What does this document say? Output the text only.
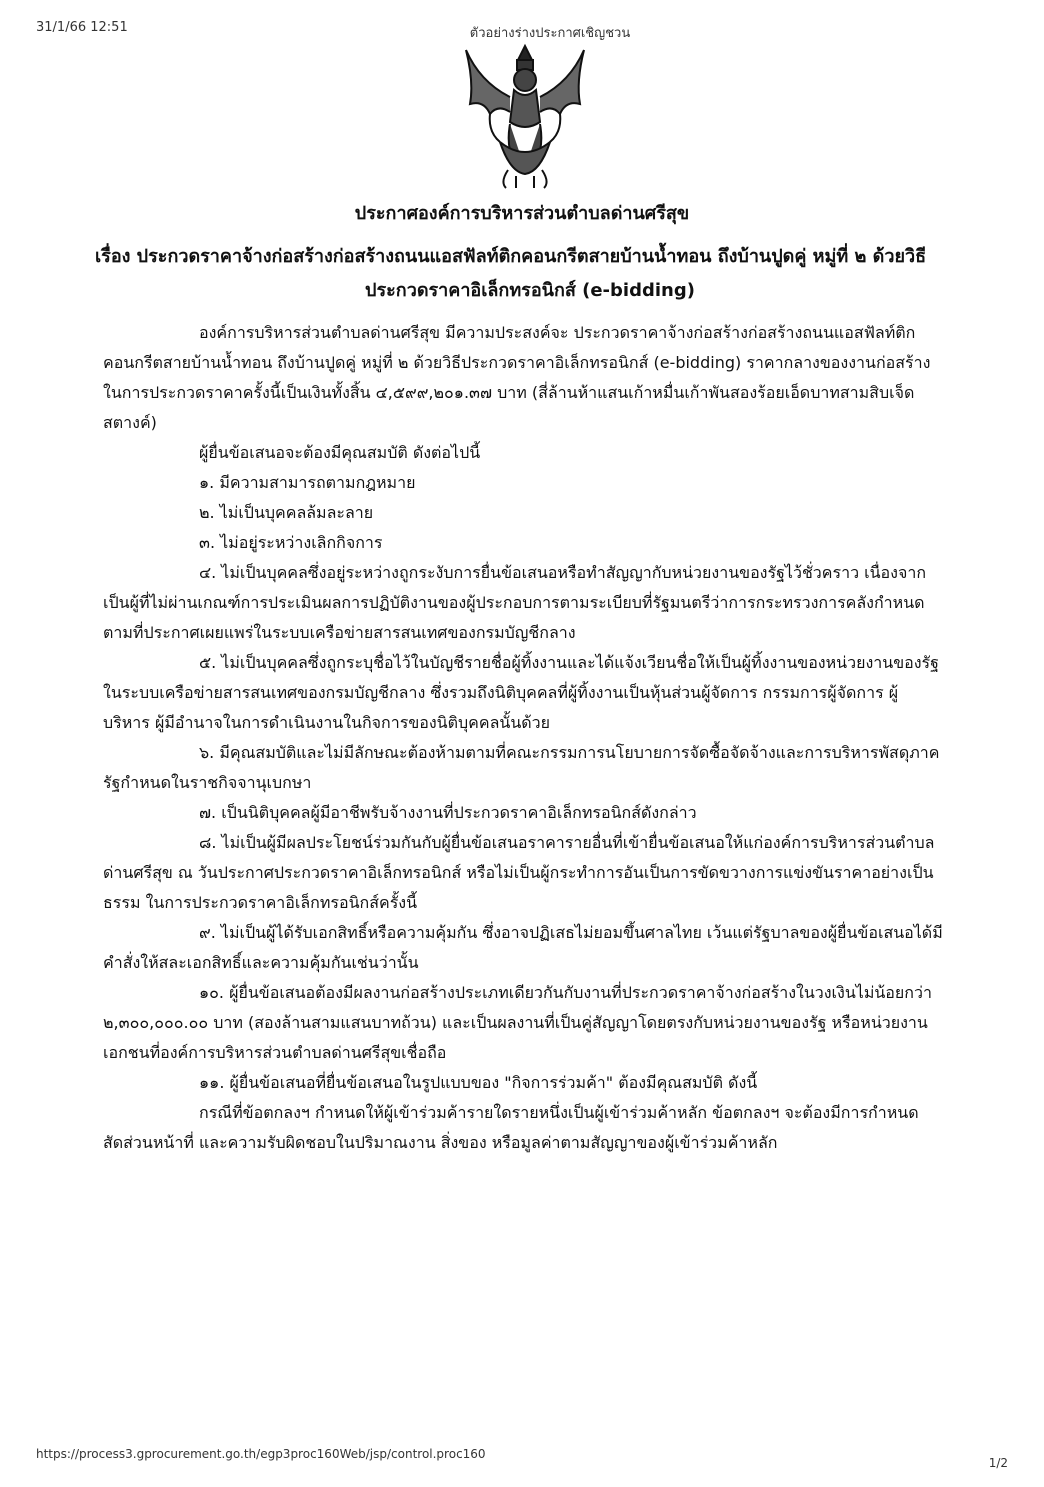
31/1/66 12:51	ตัวอย่างร่างประกาศเชิญชวน
ประกาศองค์การบริหารส่วนตำบลด่านศรีสุข
เรื่อง ประกวดราคาจ้างก่อสร้างก่อสร้างถนนแอสฟัลท์ติกคอนกรีตสายบ้านน้ำทอน ถึงบ้านปูดคู่ หมู่ที่ ๒ ด้วยวิธี
ประกวดราคาอิเล็กทรอนิกส์ (e-bidding)

องค์การบริหารส่วนตำบลด่านศรีสุข มีความประสงค์จะ ประกวดราคาจ้างก่อสร้างก่อสร้างถนนแอสฟัลท์ติกคอนกรีตสายบ้านน้ำทอน ถึงบ้านปูดคู่ หมู่ที่ ๒ ด้วยวิธีประกวดราคาอิเล็กทรอนิกส์ (e-bidding) ราคากลางของงานก่อสร้างในการประกวดราคาครั้งนี้เป็นเงินทั้งสิ้น ๔,๕๙๙,๒๐๑.๓๗ บาท (สี่ล้านห้าแสนเก้าหมื่นเก้าพันสองร้อยเอ็ดบาทสามสิบเจ็ดสตางค์)

ผู้ยื่นข้อเสนอจะต้องมีคุณสมบัติ ดังต่อไปนี้

๑. มีความสามารถตามกฎหมาย

๒. ไม่เป็นบุคคลล้มละลาย

๓. ไม่อยู่ระหว่างเลิกกิจการ

๔. ไม่เป็นบุคคลซึ่งอยู่ระหว่างถูกระงับการยื่นข้อเสนอหรือทำสัญญากับหน่วยงานของรัฐไว้ชั่วคราว เนื่องจากเป็นผู้ที่ไม่ผ่านเกณฑ์การประเมินผลการปฏิบัติงานของผู้ประกอบการตามระเบียบที่รัฐมนตรีว่าการกระทรวงการคลังกำหนดตามที่ประกาศเผยแพร่ในระบบเครือข่ายสารสนเทศของกรมบัญชีกลาง

๕. ไม่เป็นบุคคลซึ่งถูกระบุชื่อไว้ในบัญชีรายชื่อผู้ทิ้งงานและได้แจ้งเวียนชื่อให้เป็นผู้ทิ้งงานของหน่วยงานของรัฐในระบบเครือข่ายสารสนเทศของกรมบัญชีกลาง ซึ่งรวมถึงนิติบุคคลที่ผู้ทิ้งงานเป็นหุ้นส่วนผู้จัดการ กรรมการผู้จัดการ ผู้บริหาร ผู้มีอำนาจในการดำเนินงานในกิจการของนิติบุคคลนั้นด้วย

๖. มีคุณสมบัติและไม่มีลักษณะต้องห้ามตามที่คณะกรรมการนโยบายการจัดซื้อจัดจ้างและการบริหารพัสดุภาครัฐกำหนดในราชกิจจานุเบกษา

๗. เป็นนิติบุคคลผู้มีอาชีพรับจ้างงานที่ประกวดราคาอิเล็กทรอนิกส์ดังกล่าว

๘. ไม่เป็นผู้มีผลประโยชน์ร่วมกันกับผู้ยื่นข้อเสนอราคารายอื่นที่เข้ายื่นข้อเสนอให้แก่องค์การบริหารส่วนตำบลด่านศรีสุข ณ วันประกาศประกวดราคาอิเล็กทรอนิกส์ หรือไม่เป็นผู้กระทำการอันเป็นการขัดขวางการแข่งขันราคาอย่างเป็นธรรม ในการประกวดราคาอิเล็กทรอนิกส์ครั้งนี้

๙. ไม่เป็นผู้ได้รับเอกสิทธิ์หรือความคุ้มกัน ซึ่งอาจปฏิเสธไม่ยอมขึ้นศาลไทย เว้นแต่รัฐบาลของผู้ยื่นข้อเสนอได้มีคำสั่งให้สละเอกสิทธิ์และความคุ้มกันเช่นว่านั้น

๑๐. ผู้ยื่นข้อเสนอต้องมีผลงานก่อสร้างประเภทเดียวกันกับงานที่ประกวดราคาจ้างก่อสร้างในวงเงินไม่น้อยกว่า ๒,๓๐๐,๐๐๐.๐๐ บาท (สองล้านสามแสนบาทถ้วน) และเป็นผลงานที่เป็นคู่สัญญาโดยตรงกับหน่วยงานของรัฐ หรือหน่วยงานเอกชนที่องค์การบริหารส่วนตำบลด่านศรีสุขเชื่อถือ

๑๑. ผู้ยื่นข้อเสนอที่ยื่นข้อเสนอในรูปแบบของ "กิจการร่วมค้า" ต้องมีคุณสมบัติ ดังนี้

กรณีที่ข้อตกลงฯ กำหนดให้ผู้เข้าร่วมค้ารายใดรายหนึ่งเป็นผู้เข้าร่วมค้าหลัก ข้อตกลงฯ จะต้องมีการกำหนดสัดส่วนหน้าที่ และความรับผิดชอบในปริมาณงาน สิ่งของ หรือมูลค่าตามสัญญาของผู้เข้าร่วมค้าหลัก

https://process3.gprocurement.go.th/egp3proc160Web/jsp/control.proc160
1/2
